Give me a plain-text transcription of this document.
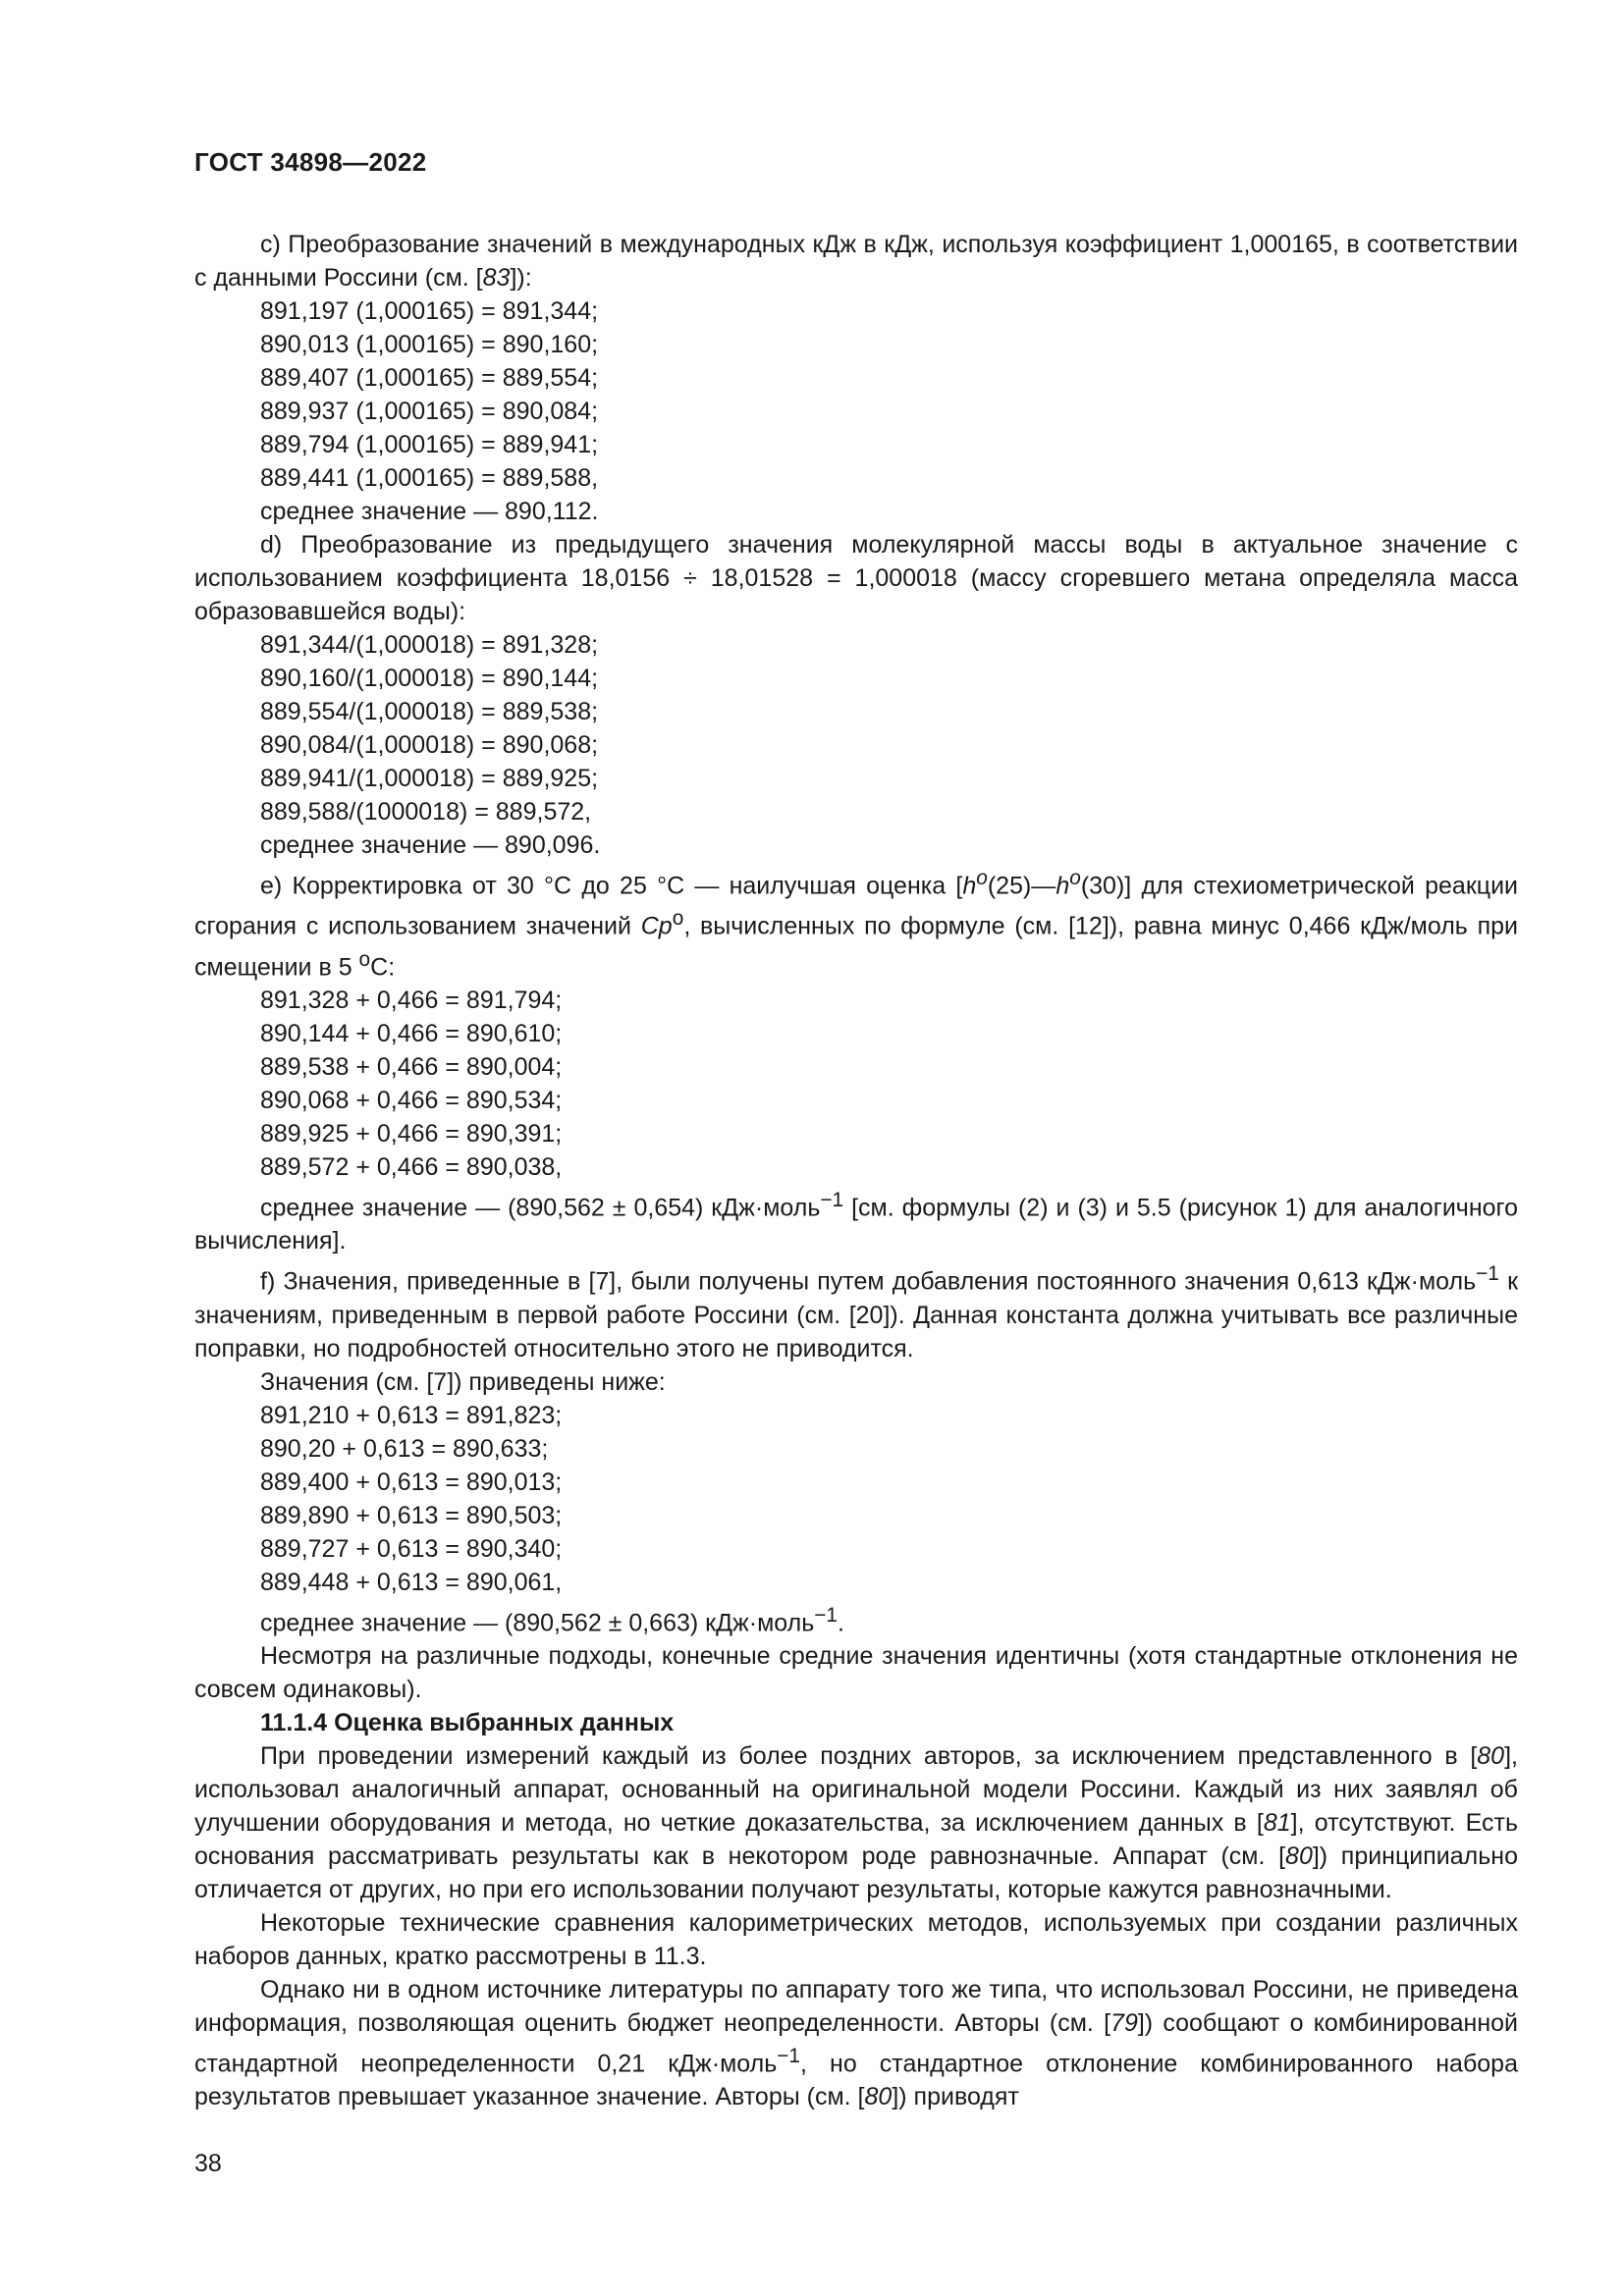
ГОСТ 34898—2022

c) Преобразование значений в международных кДж в кДж, используя коэффициент 1,000165, в соответствии с данными Россини (см. [83]):

891,197 (1,000165) = 891,344;

890,013 (1,000165) = 890,160;

889,407 (1,000165) = 889,554;

889,937 (1,000165) = 890,084;

889,794 (1,000165) = 889,941;

889,441 (1,000165) = 889,588,

среднее значение — 890,112.

d) Преобразование из предыдущего значения молекулярной массы воды в актуальное значение с использованием коэффициента 18,0156 ÷ 18,01528 = 1,000018 (массу сгоревшего метана определяла масса образовавшейся воды):

891,344/(1,000018) = 891,328;

890,160/(1,000018) = 890,144;

889,554/(1,000018) = 889,538;

890,084/(1,000018) = 890,068;

889,941/(1,000018) = 889,925;

889,588/(1000018) = 889,572,

среднее значение — 890,096.

e) Корректировка от 30 °C до 25 °C — наилучшая оценка $[h^o(25)—h^o(30)]$ для стехиометрической реакции сгорания с использованием значений Cp$^o$, вычисленных по формуле (см. [12]), равна минус 0,466 кДж/моль при смещении в 5 $^o$C:

891,328 + 0,466 = 891,794;

890,144 + 0,466 = 890,610;

889,538 + 0,466 = 890,004;

890,068 + 0,466 = 890,534;

889,925 + 0,466 = 890,391;

889,572 + 0,466 = 890,038,

среднее значение — (890,562 ± 0,654) кДж·моль$^{-1}$ [см. формулы (2) и (3) и 5.5 (рисунок 1) для аналогичного вычисления].

f) Значения, приведенные в [7], были получены путем добавления постоянного значения 0,613 кДж·моль$^{-1}$ к значениям, приведенным в первой работе Россини (см. [20]). Данная константа должна учитывать все различные поправки, но подробностей относительно этого не приводится.

Значения (см. [7]) приведены ниже:

891,210 + 0,613 = 891,823;

890,20 + 0,613 = 890,633;

889,400 + 0,613 = 890,013;

889,890 + 0,613 = 890,503;

889,727 + 0,613 = 890,340;

889,448 + 0,613 = 890,061,

среднее значение — (890,562 ± 0,663) кДж·моль$^{-1}$.

Несмотря на различные подходы, конечные средние значения идентичны (хотя стандартные отклонения не совсем одинаковы).

11.1.4 Оценка выбранных данных

При проведении измерений каждый из более поздних авторов, за исключением представленного в [80], использовал аналогичный аппарат, основанный на оригинальной модели Россини. Каждый из них заявлял об улучшении оборудования и метода, но четкие доказательства, за исключением данных в [81], отсутствуют. Есть основания рассматривать результаты как в некотором роде равнозначные. Аппарат (см. [80]) принципиально отличается от других, но при его использовании получают результаты, которые кажутся равнозначными.

Некоторые технические сравнения калориметрических методов, используемых при создании различных наборов данных, кратко рассмотрены в 11.3.

Однако ни в одном источнике литературы по аппарату того же типа, что использовал Россини, не приведена информация, позволяющая оценить бюджет неопределенности. Авторы (см. [79]) сообщают о комбинированной стандартной неопределенности 0,21 кДж·моль$^{-1}$, но стандартное отклонение комбинированного набора результатов превышает указанное значение. Авторы (см. [80]) приводят

38
